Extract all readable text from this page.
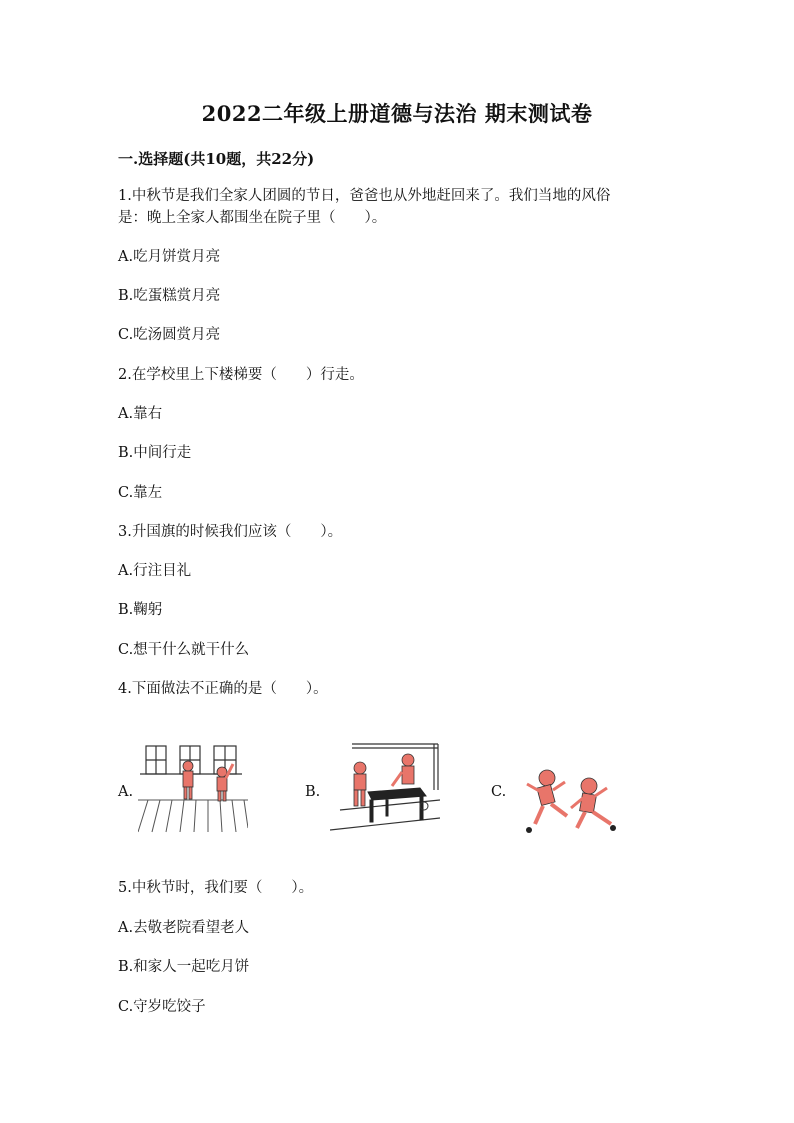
2022二年级上册道德与法治 期末测试卷
一.选择题(共10题，共22分)
1.中秋节是我们全家人团圆的节日，爸爸也从外地赶回来了。我们当地的风俗
是：晚上全家人都围坐在院子里（　　）。
A.吃月饼赏月亮
B.吃蛋糕赏月亮
C.吃汤圆赏月亮
2.在学校里上下楼梯要（　　）行走。
A.靠右
B.中间行走
C.靠左
3.升国旗的时候我们应该（　　）。
A.行注目礼
B.鞠躬
C.想干什么就干什么
4.下面做法不正确的是（　　）。
A.	B.	C.
5.中秋节时，我们要（　　）。
A.去敬老院看望老人
B.和家人一起吃月饼
C.守岁吃饺子
